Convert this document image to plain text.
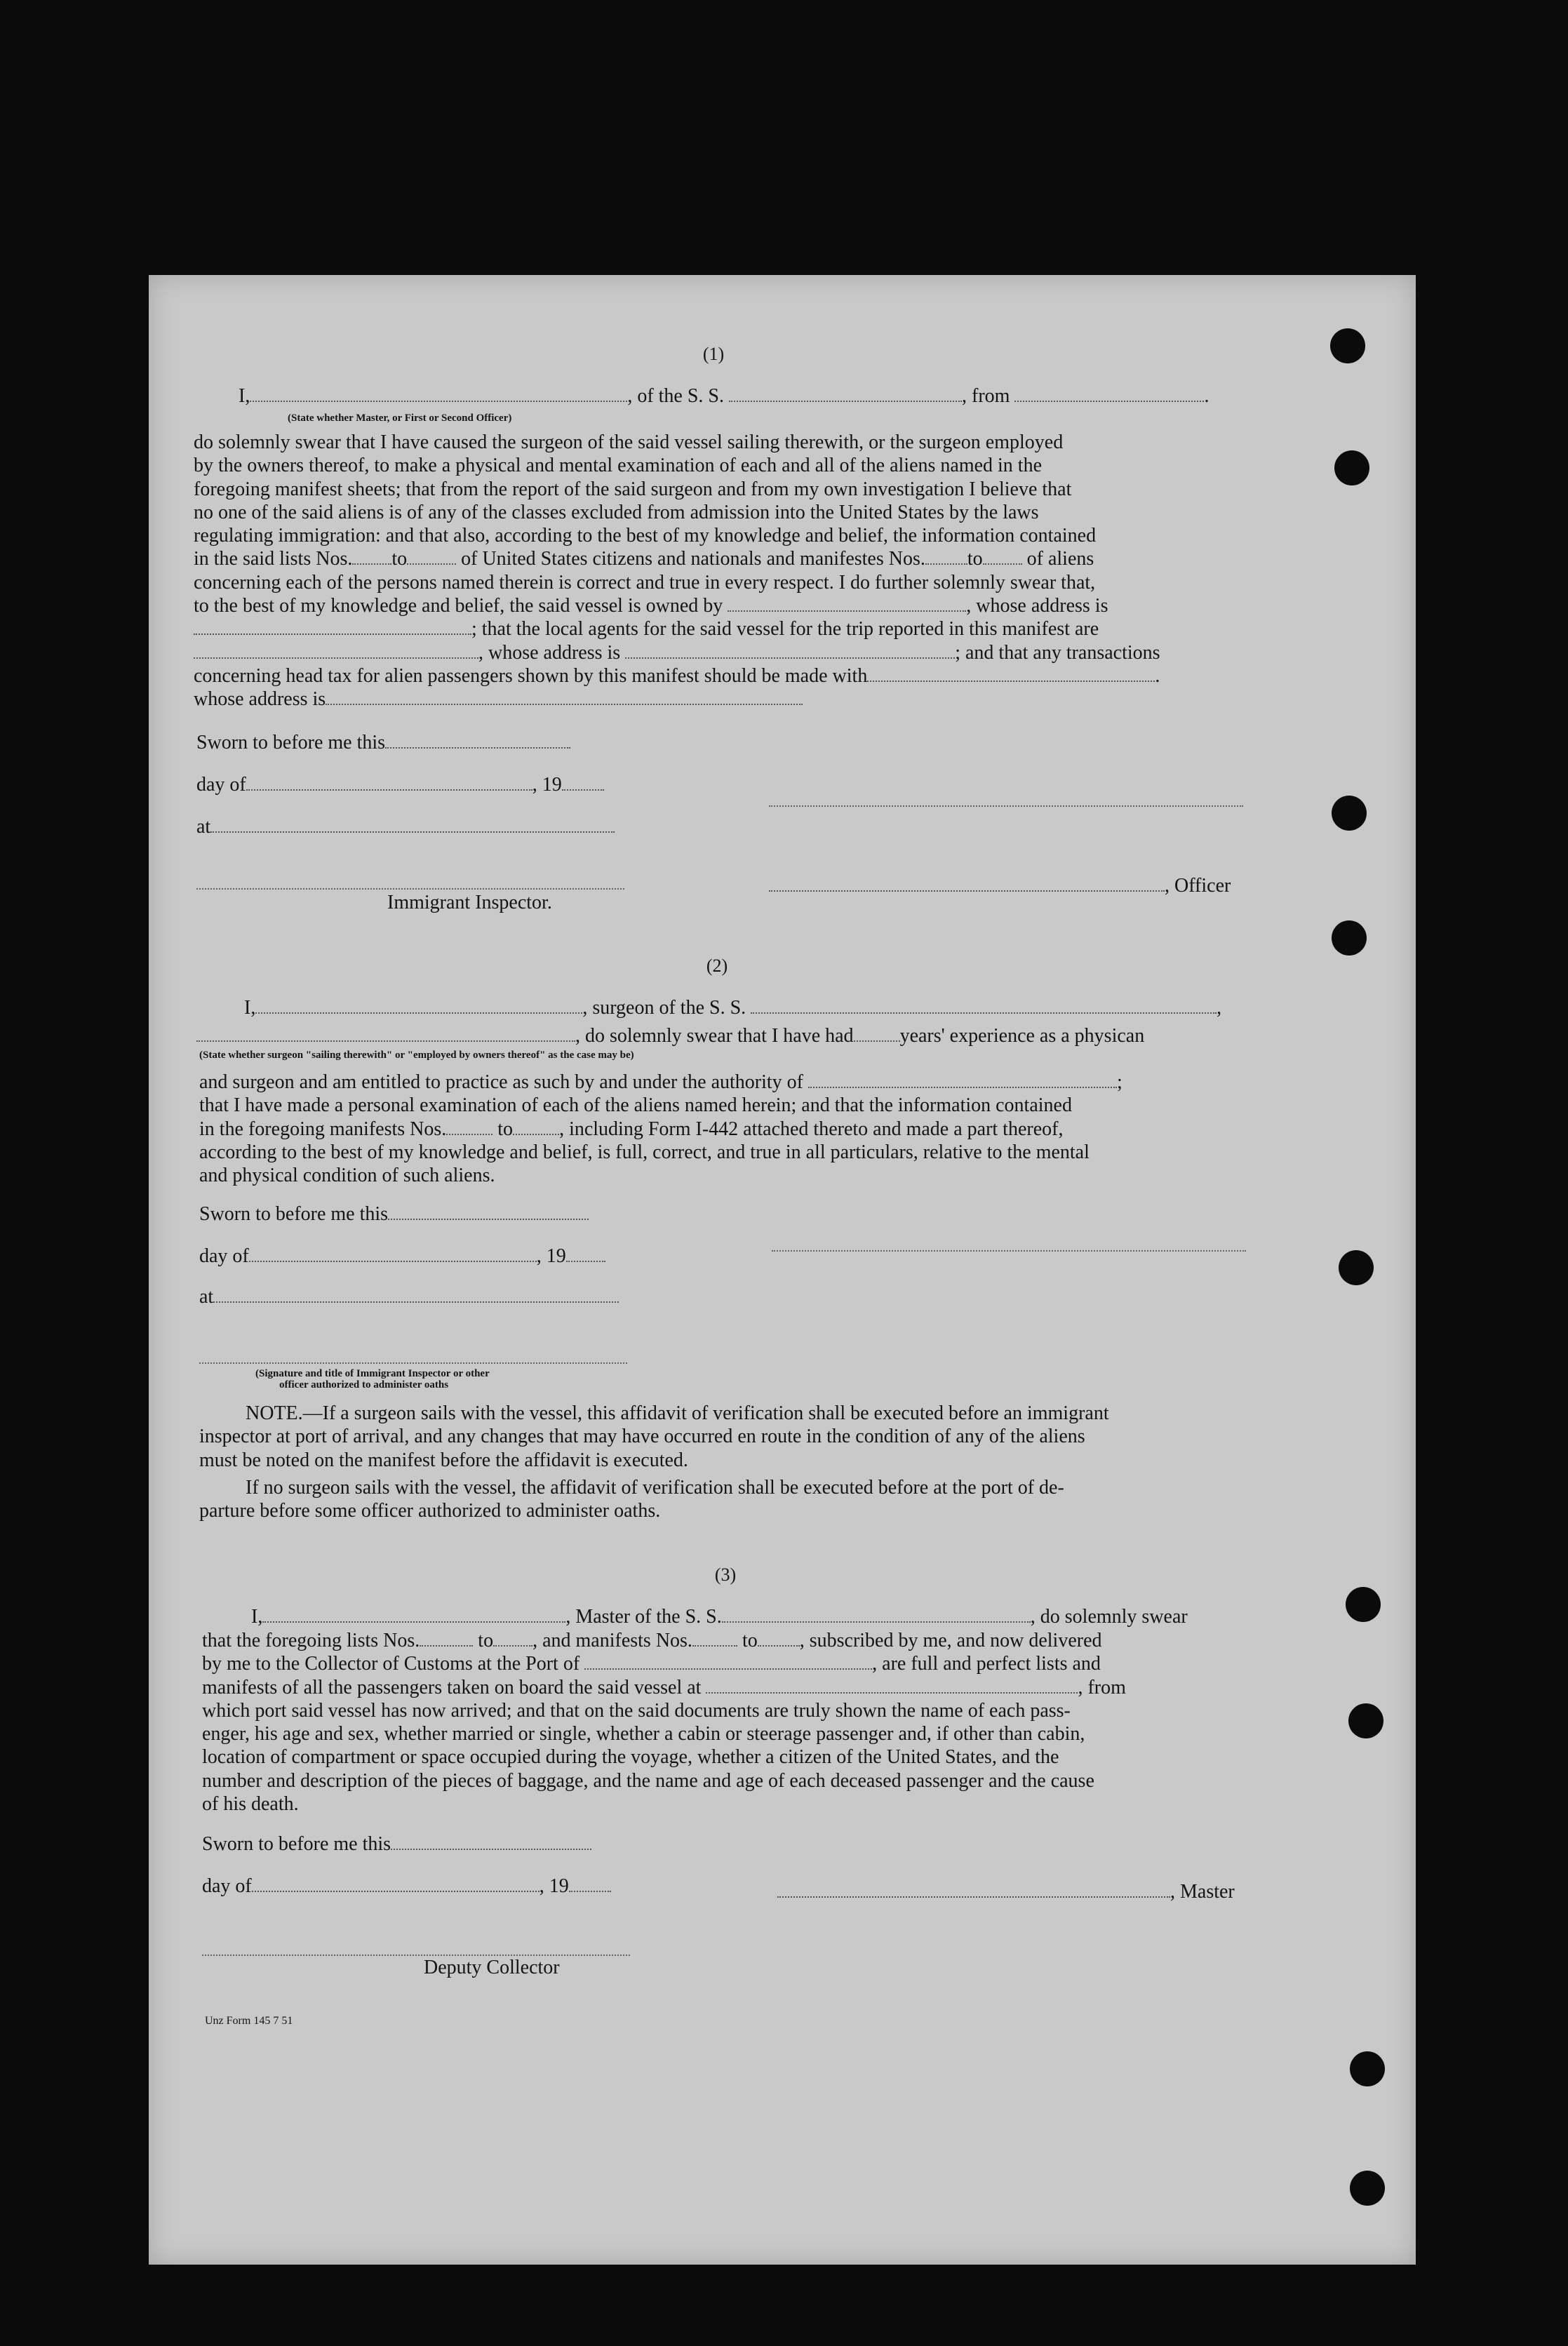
(1)
I,	, of the S. S.	, from	.
(State whether Master, or First or Second Officer)
do solemnly swear that I have caused the surgeon of the said vessel sailing therewith, or the surgeon employed
by the owners thereof, to make a physical and mental examination of each and all of the aliens named in the
foregoing manifest sheets; that from the report of the said surgeon and from my own investigation I believe that
no one of the said aliens is of any of the classes excluded from admission into the United States by the laws
regulating immigration: and that also, according to the best of my knowledge and belief, the information contained
in the said lists Nos. to	of United States citizens and nationals and manifestes Nos. to of aliens
concerning each of the persons named therein is correct and true in every respect. I do further solemnly swear that,
to the best of my knowledge and belief, the said vessel is owned by	, whose address is
; that the local agents for the said vessel for the trip reported in this manifest are
, whose address is	; and that any transactions
concerning head tax for alien passengers shown by this manifest should be made with	.
whose address is
Sworn to before me this
day of	, 19
at
, Officer
Immigrant Inspector.
(2)
I,	, surgeon of the S. S.	,
, do solemnly swear that I have had years' experience as a physican
(State whether surgeon "sailing therewith" or "employed by owners thereof" as the case may be)
and surgeon and am entitled to practice as such by and under the authority of	;
that I have made a personal examination of each of the aliens named herein; and that the information contained
in the foregoing manifests Nos.	to , including Form I-442 attached thereto and made a part thereof,
according to the best of my knowledge and belief, is full, correct, and true in all particulars, relative to the mental
and physical condition of such aliens.
Sworn to before me this
day of	, 19
at
(Signature and title of Immigrant Inspector or other
officer authorized to administer oaths
NOTE.—If a surgeon sails with the vessel, this affidavit of verification shall be executed before an immigrant
inspector at port of arrival, and any changes that may have occurred en route in the condition of any of the aliens
must be noted on the manifest before the affidavit is executed.
If no surgeon sails with the vessel, the affidavit of verification shall be executed before at the port of de-
parture before some officer authorized to administer oaths.
(3)
I,	, Master of the S. S.	, do solemnly swear
that the foregoing lists Nos.	to , and manifests Nos.	to , subscribed by me, and now delivered
by me to the Collector of Customs at the Port of	, are full and perfect lists and
manifests of all the passengers taken on board the said vessel at	, from
which port said vessel has now arrived; and that on the said documents are truly shown the name of each pass-
enger, his age and sex, whether married or single, whether a cabin or steerage passenger and, if other than cabin,
location of compartment or space occupied during the voyage, whether a citizen of the United States, and the
number and description of the pieces of baggage, and the name and age of each deceased passenger and the cause
of his death.
Sworn to before me this
day of	, 19	, Master
Deputy Collector
Unz Form 145 7 51
